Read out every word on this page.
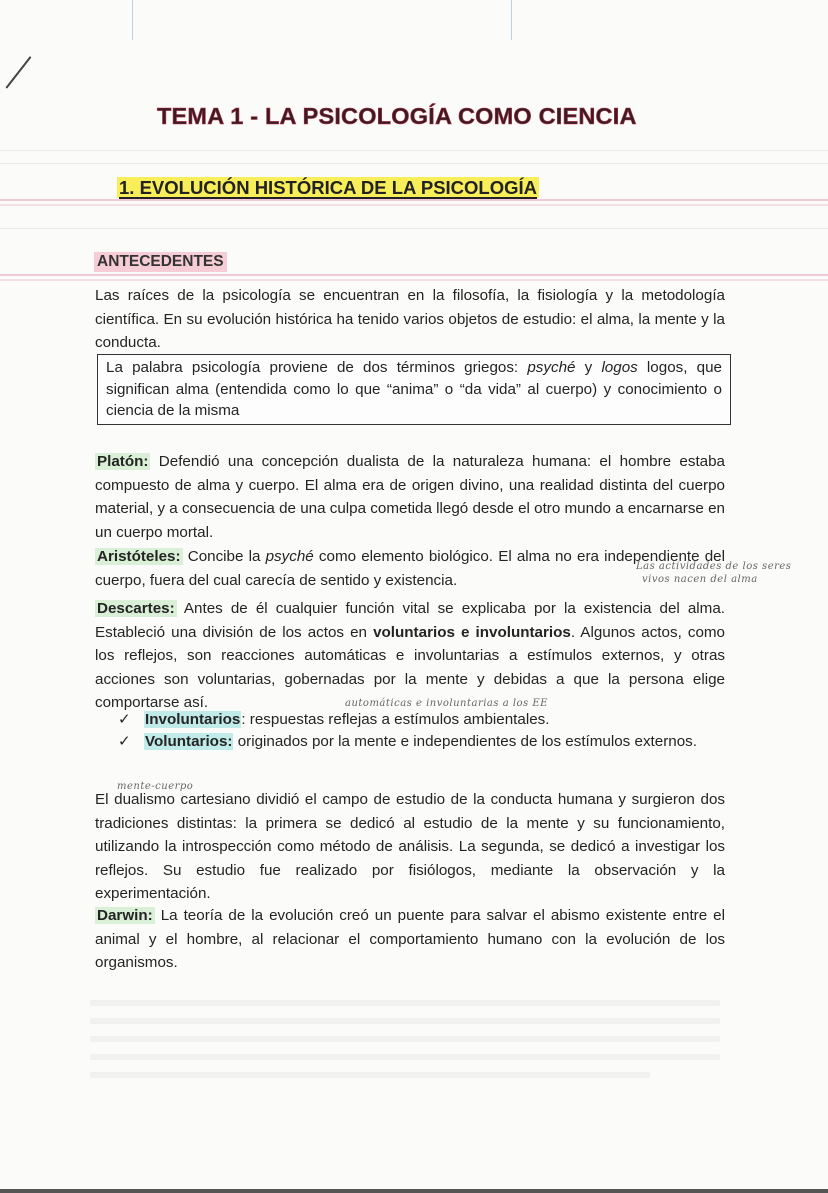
TEMA 1 - LA PSICOLOGÍA COMO CIENCIA
1. EVOLUCIÓN HISTÓRICA DE LA PSICOLOGÍA
ANTECEDENTES
Las raíces de la psicología se encuentran en la filosofía, la fisiología y la metodología científica. En su evolución histórica ha tenido varios objetos de estudio: el alma, la mente y la conducta.
La palabra psicología proviene de dos términos griegos: psyché y logos logos, que significan alma (entendida como lo que “anima” o “da vida” al cuerpo) y conocimiento o ciencia de la misma
Platón: Defendió una concepción dualista de la naturaleza humana: el hombre estaba compuesto de alma y cuerpo. El alma era de origen divino, una realidad distinta del cuerpo material, y a consecuencia de una culpa cometida llegó desde el otro mundo a encarnarse en un cuerpo mortal.
Aristóteles: Concibe la psyché como elemento biológico. El alma no era independiente del cuerpo, fuera del cual carecía de sentido y existencia.
Las actividades de los seres
vivos nacen del alma
Descartes: Antes de él cualquier función vital se explicaba por la existencia del alma. Estableció una división de los actos en voluntarios e involuntarios. Algunos actos, como los reflejos, son reacciones automáticas e involuntarias a estímulos externos, y otras acciones son voluntarias, gobernadas por la mente y debidas a que la persona elige comportarse así.	automáticas e involuntarias a los EE
✓ Involuntarios: respuestas reflejas a estímulos ambientales.
✓ Voluntarios: originados por la mente e independientes de los estímulos externos.
mente-cuerpo
El dualismo cartesiano dividió el campo de estudio de la conducta humana y surgieron dos tradiciones distintas: la primera se dedicó al estudio de la mente y su funcionamiento, utilizando la introspección como método de análisis. La segunda, se dedicó a investigar los reflejos. Su estudio fue realizado por fisiólogos, mediante la observación y la experimentación.
Darwin: La teoría de la evolución creó un puente para salvar el abismo existente entre el animal y el hombre, al relacionar el comportamiento humano con la evolución de los organismos.
